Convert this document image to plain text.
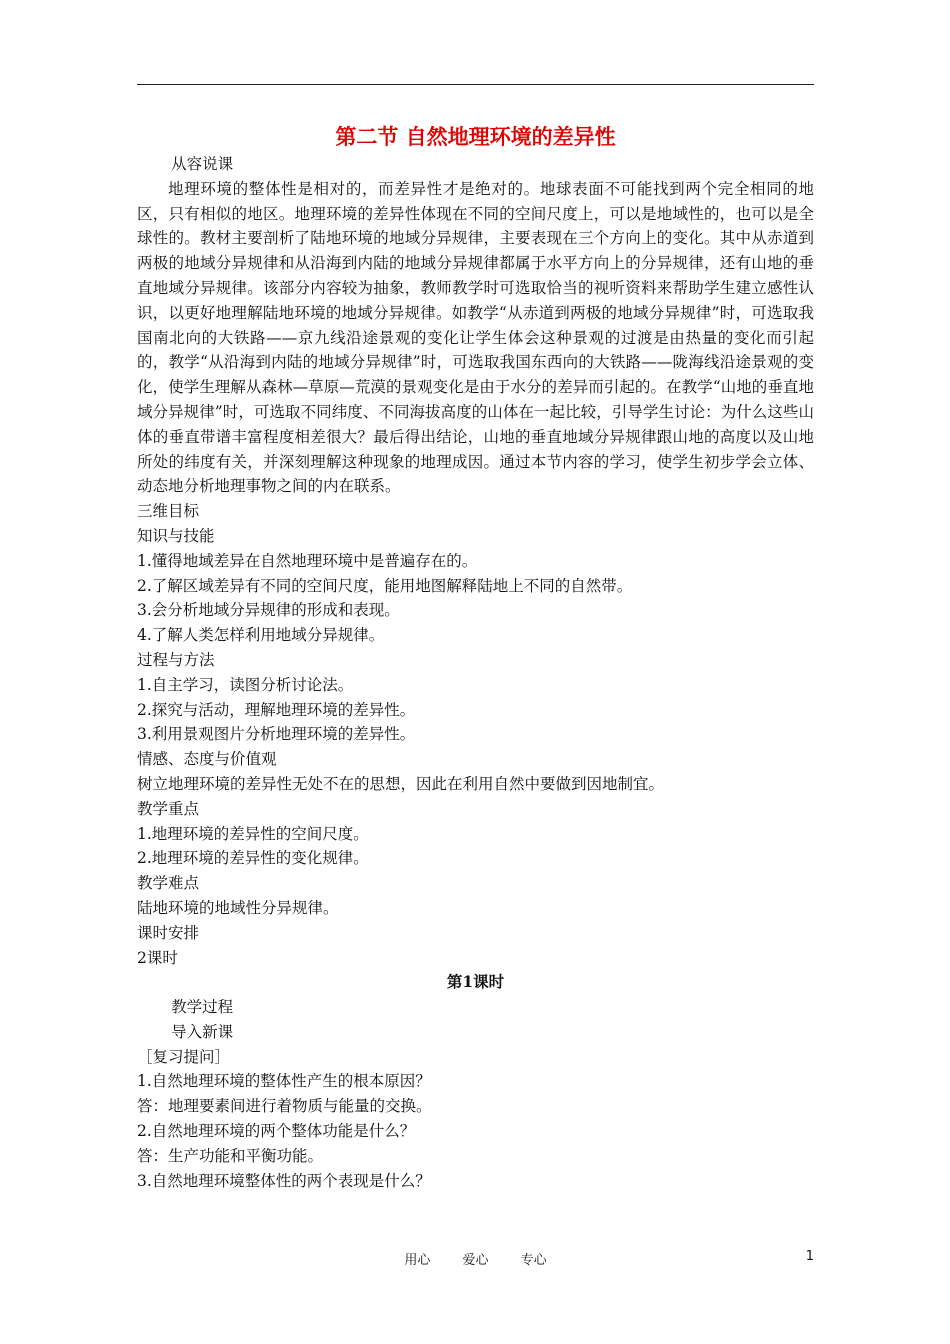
第二节 自然地理环境的差异性

从容说课

地理环境的整体性是相对的，而差异性才是绝对的。地球表面不可能找到两个完全相同的地区，只有相似的地区。地理环境的差异性体现在不同的空间尺度上，可以是地域性的，也可以是全球性的。教材主要剖析了陆地环境的地域分异规律，主要表现在三个方向上的变化。其中从赤道到两极的地域分异规律和从沿海到内陆的地域分异规律都属于水平方向上的分异规律，还有山地的垂直地域分异规律。该部分内容较为抽象，教师教学时可选取恰当的视听资料来帮助学生建立感性认识，以更好地理解陆地环境的地域分异规律。如教学“从赤道到两极的地域分异规律”时，可选取我国南北向的大铁路——京九线沿途景观的变化让学生体会这种景观的过渡是由热量的变化而引起的，教学“从沿海到内陆的地域分异规律”时，可选取我国东西向的大铁路——陇海线沿途景观的变化，使学生理解从森林—草原—荒漠的景观变化是由于水分的差异而引起的。在教学“山地的垂直地域分异规律”时，可选取不同纬度、不同海拔高度的山体在一起比较，引导学生讨论：为什么这些山体的垂直带谱丰富程度相差很大？最后得出结论，山地的垂直地域分异规律跟山地的高度以及山地所处的纬度有关，并深刻理解这种现象的地理成因。通过本节内容的学习，使学生初步学会立体、动态地分析地理事物之间的内在联系。

三维目标

知识与技能

1.懂得地域差异在自然地理环境中是普遍存在的。

2.了解区域差异有不同的空间尺度，能用地图解释陆地上不同的自然带。

3.会分析地域分异规律的形成和表现。

4.了解人类怎样利用地域分异规律。

过程与方法

1.自主学习，读图分析讨论法。

2.探究与活动，理解地理环境的差异性。

3.利用景观图片分析地理环境的差异性。

情感、态度与价值观

树立地理环境的差异性无处不在的思想，因此在利用自然中要做到因地制宜。

教学重点

1.地理环境的差异性的空间尺度。

2.地理环境的差异性的变化规律。

教学难点

陆地环境的地域性分异规律。

课时安排

2课时

第1课时

教学过程

导入新课

［复习提问］

1.自然地理环境的整体性产生的根本原因？

答：地理要素间进行着物质与能量的交换。

2.自然地理环境的两个整体功能是什么？

答：生产功能和平衡功能。

3.自然地理环境整体性的两个表现是什么？

用心 爱心 专心	1
